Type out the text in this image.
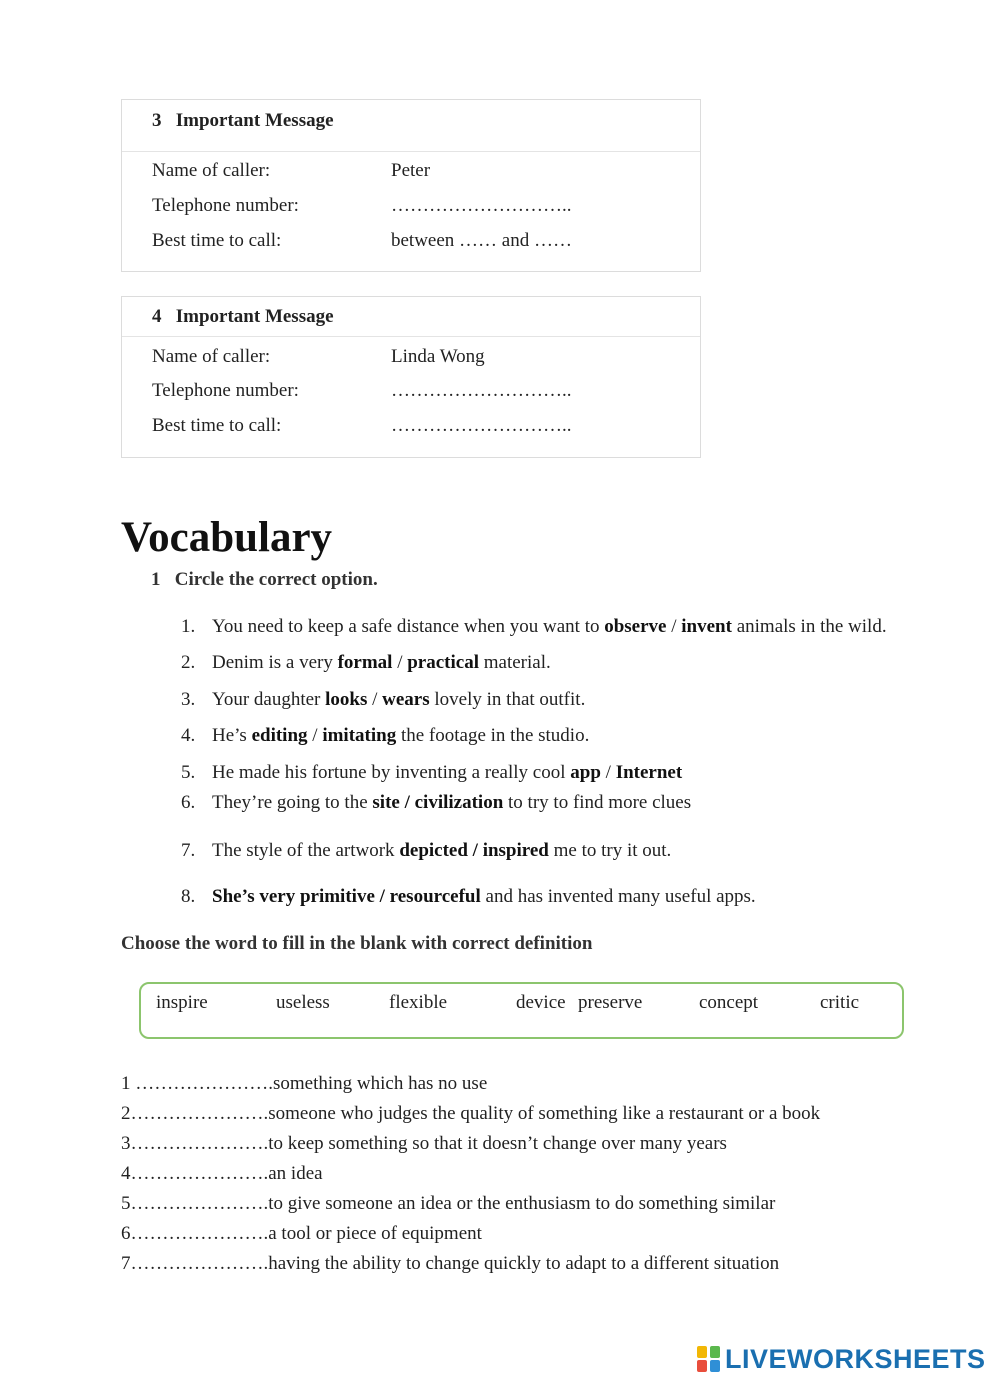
3 Important Message
Name of caller:	Peter
Telephone number:	………………………..
Best time to call:	between …… and ……
4 Important Message
Name of caller:	Linda Wong
Telephone number:	………………………..
Best time to call:	………………………..
Vocabulary
1 Circle the correct option.
1. You need to keep a safe distance when you want to observe / invent animals in the wild.
2. Denim is a very formal / practical material.
3. Your daughter looks / wears lovely in that outfit.
4. He’s editing / imitating the footage in the studio.
5. He made his fortune by inventing a really cool app / Internet
6. They’re going to the site / civilization to try to find more clues
7. The style of the artwork depicted / inspired me to try it out.
8. She’s very primitive / resourceful and has invented many useful apps.
Choose the word to fill in the blank with correct definition
inspire	useless	flexible	device preserve	concept	critic
1 ………………….something which has no use
2………………….someone who judges the quality of something like a restaurant or a book
3………………….to keep something so that it doesn’t change over many years
4………………….an idea
5………………….to give someone an idea or the enthusiasm to do something similar
6………………….a tool or piece of equipment
7………………….having the ability to change quickly to adapt to a different situation
LIVEWORKSHEETS
